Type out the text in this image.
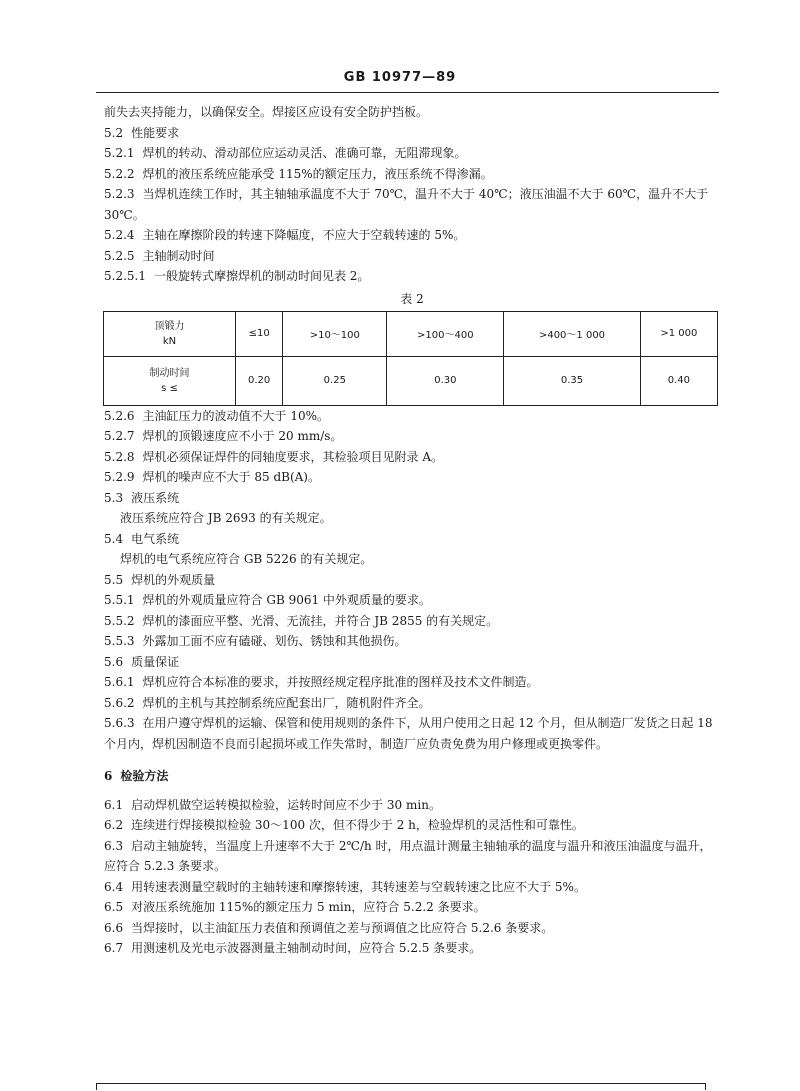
GB 10977—89
前失去夹持能力，以确保安全。焊接区应设有安全防护挡板。
5.2 性能要求
5.2.1 焊机的转动、滑动部位应运动灵活、准确可靠，无阻滞现象。
5.2.2 焊机的液压系统应能承受 115%的额定压力，液压系统不得渗漏。
5.2.3 当焊机连续工作时，其主轴轴承温度不大于 70℃，温升不大于 40℃；液压油温不大于 60℃，温升不大于 30℃。
5.2.4 主轴在摩擦阶段的转速下降幅度，不应大于空载转速的 5%。
5.2.5 主轴制动时间
5.2.5.1 一般旋转式摩擦焊机的制动时间见表 2。
表 2
顶锻力
kN	≤10	>10～100	>100～400	>400～1 000	>1 000

制动时间
s ≤	0.20	0.25	0.30	0.35	0.40
5.2.6 主油缸压力的波动值不大于 10%。
5.2.7 焊机的顶锻速度应不小于 20 mm/s。
5.2.8 焊机必须保证焊件的同轴度要求，其检验项目见附录 A。
5.2.9 焊机的噪声应不大于 85 dB(A)。
5.3 液压系统
液压系统应符合 JB 2693 的有关规定。
5.4 电气系统
焊机的电气系统应符合 GB 5226 的有关规定。
5.5 焊机的外观质量
5.5.1 焊机的外观质量应符合 GB 9061 中外观质量的要求。
5.5.2 焊机的漆面应平整、光滑、无流挂，并符合 JB 2855 的有关规定。
5.5.3 外露加工面不应有磕碰、划伤、锈蚀和其他损伤。
5.6 质量保证
5.6.1 焊机应符合本标准的要求，并按照经规定程序批准的图样及技术文件制造。
5.6.2 焊机的主机与其控制系统应配套出厂，随机附件齐全。
5.6.3 在用户遵守焊机的运输、保管和使用规则的条件下，从用户使用之日起 12 个月，但从制造厂发货之日起 18 个月内，焊机因制造不良而引起损坏或工作失常时，制造厂应负责免费为用户修理或更换零件。
6 检验方法
6.1 启动焊机做空运转模拟检验，运转时间应不少于 30 min。
6.2 连续进行焊接模拟检验 30～100 次，但不得少于 2 h，检验焊机的灵活性和可靠性。
6.3 启动主轴旋转，当温度上升速率不大于 2℃/h 时，用点温计测量主轴轴承的温度与温升和液压油温度与温升，应符合 5.2.3 条要求。
6.4 用转速表测量空载时的主轴转速和摩擦转速，其转速差与空载转速之比应不大于 5%。
6.5 对液压系统施加 115%的额定压力 5 min，应符合 5.2.2 条要求。
6.6 当焊接时，以主油缸压力表值和预调值之差与预调值之比应符合 5.2.6 条要求。
6.7 用测速机及光电示波器测量主轴制动时间，应符合 5.2.5 条要求。
